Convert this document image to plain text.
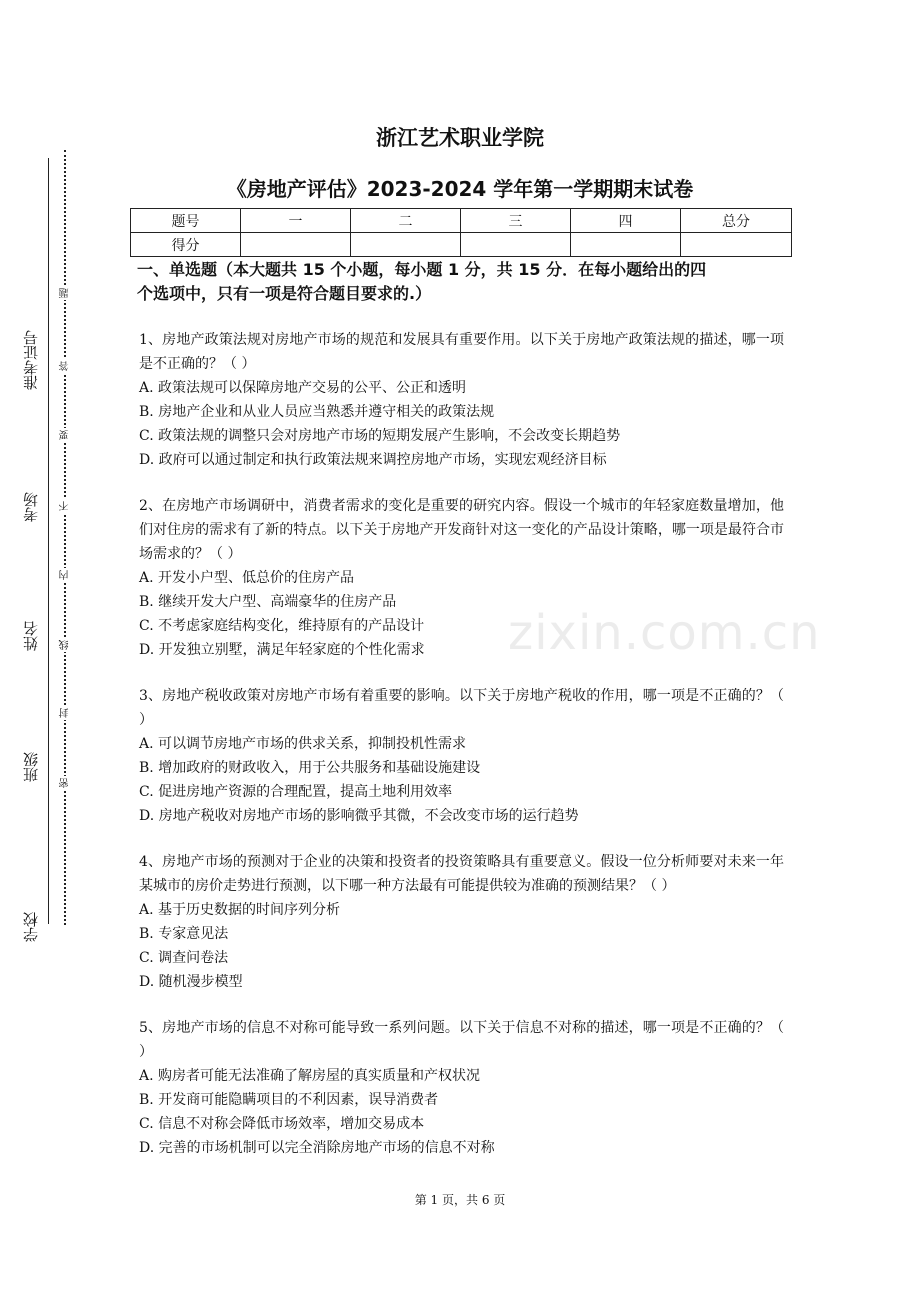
准考证号
考场
姓名
班级
学校
题
答
要
不
内
线
封
密
浙江艺术职业学院
《房地产评估》2023-2024 学年第一学期期末试卷
题号	一	二	三	四	总分
得分					
zixin.com.cn
一、单选题（本大题共 15 个小题，每小题 1 分，共 15 分．在每小题给出的四
个选项中，只有一项是符合题目要求的.）
1、房地产政策法规对房地产市场的规范和发展具有重要作用。以下关于房地产政策法规的描述，哪一项是不正确的？（ ）
A. 政策法规可以保障房地产交易的公平、公正和透明
B. 房地产企业和从业人员应当熟悉并遵守相关的政策法规
C. 政策法规的调整只会对房地产市场的短期发展产生影响，不会改变长期趋势
D. 政府可以通过制定和执行政策法规来调控房地产市场，实现宏观经济目标
2、在房地产市场调研中，消费者需求的变化是重要的研究内容。假设一个城市的年轻家庭数量增加，他们对住房的需求有了新的特点。以下关于房地产开发商针对这一变化的产品设计策略，哪一项是最符合市场需求的？（ ）
A. 开发小户型、低总价的住房产品
B. 继续开发大户型、高端豪华的住房产品
C. 不考虑家庭结构变化，维持原有的产品设计
D. 开发独立别墅，满足年轻家庭的个性化需求
3、房地产税收政策对房地产市场有着重要的影响。以下关于房地产税收的作用，哪一项是不正确的？（ ）
A. 可以调节房地产市场的供求关系，抑制投机性需求
B. 增加政府的财政收入，用于公共服务和基础设施建设
C. 促进房地产资源的合理配置，提高土地利用效率
D. 房地产税收对房地产市场的影响微乎其微，不会改变市场的运行趋势
4、房地产市场的预测对于企业的决策和投资者的投资策略具有重要意义。假设一位分析师要对未来一年某城市的房价走势进行预测，以下哪一种方法最有可能提供较为准确的预测结果？（ ）
A. 基于历史数据的时间序列分析
B. 专家意见法
C. 调查问卷法
D. 随机漫步模型
5、房地产市场的信息不对称可能导致一系列问题。以下关于信息不对称的描述，哪一项是不正确的？（ ）
A. 购房者可能无法准确了解房屋的真实质量和产权状况
B. 开发商可能隐瞒项目的不利因素，误导消费者
C. 信息不对称会降低市场效率，增加交易成本
D. 完善的市场机制可以完全消除房地产市场的信息不对称
第 1 页，共 6 页
